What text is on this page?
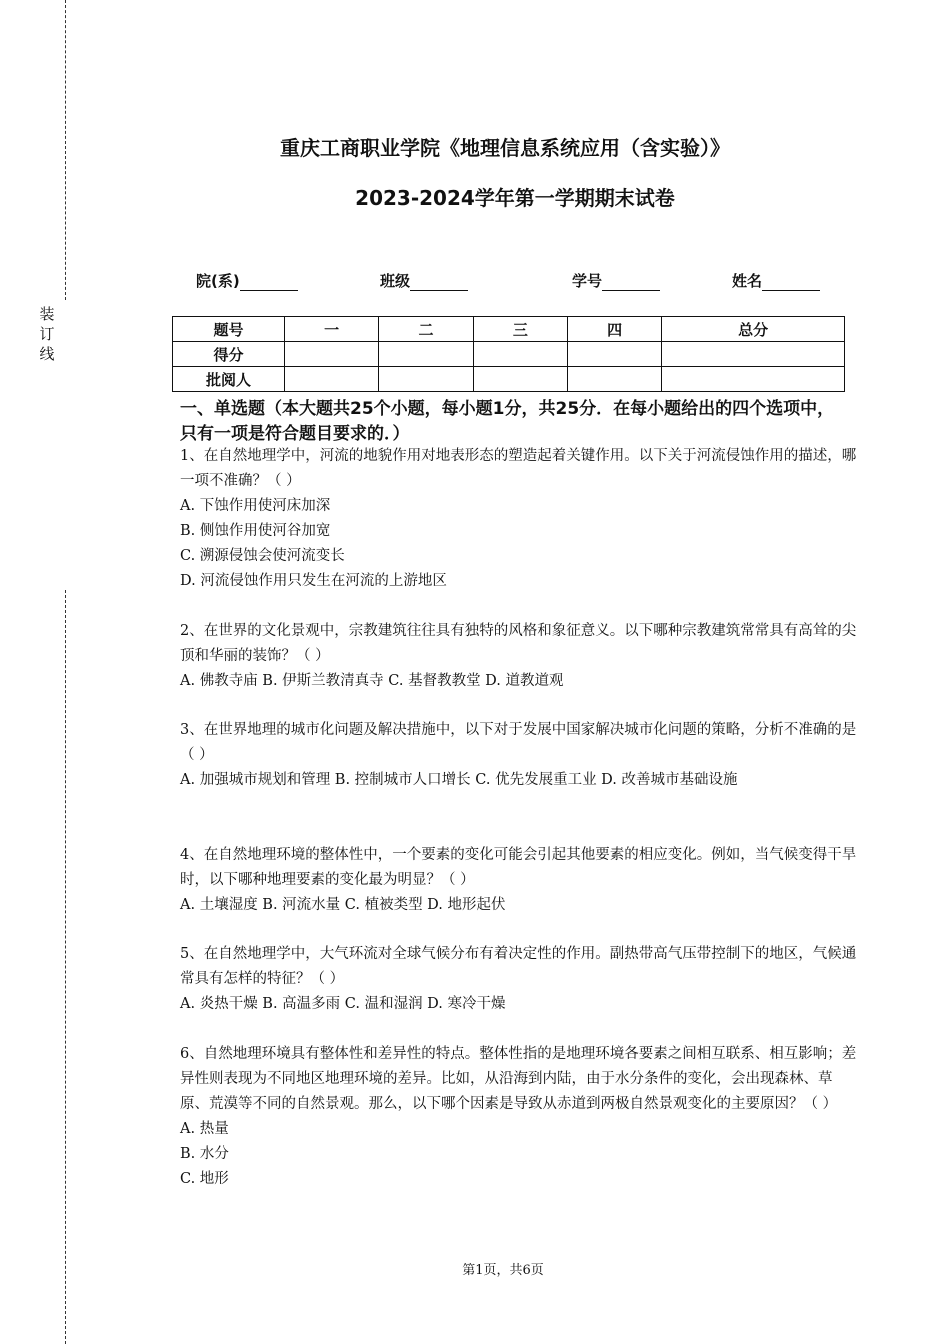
装
订
线
重庆工商职业学院《地理信息系统应用（含实验）》
2023-2024学年第一学期期末试卷
院(系)	班级	学号	姓名
题号	一	二	三	四	总分
得分					
批阅人					
一、单选题（本大题共25个小题，每小题1分，共25分．在每小题给出的四个选项中，只有一项是符合题目要求的．）

1、在自然地理学中，河流的地貌作用对地表形态的塑造起着关键作用。以下关于河流侵蚀作用的描述，哪一项不准确？（ ）

A. 下蚀作用使河床加深

B. 侧蚀作用使河谷加宽

C. 溯源侵蚀会使河流变长

D. 河流侵蚀作用只发生在河流的上游地区

2、在世界的文化景观中，宗教建筑往往具有独特的风格和象征意义。以下哪种宗教建筑常常具有高耸的尖顶和华丽的装饰？（ ）

A. 佛教寺庙 B. 伊斯兰教清真寺 C. 基督教教堂 D. 道教道观

3、在世界地理的城市化问题及解决措施中，以下对于发展中国家解决城市化问题的策略，分析不准确的是（ ）

A. 加强城市规划和管理 B. 控制城市人口增长 C. 优先发展重工业 D. 改善城市基础设施

4、在自然地理环境的整体性中，一个要素的变化可能会引起其他要素的相应变化。例如，当气候变得干旱时，以下哪种地理要素的变化最为明显？（ ）

A. 土壤湿度 B. 河流水量 C. 植被类型 D. 地形起伏

5、在自然地理学中，大气环流对全球气候分布有着决定性的作用。副热带高气压带控制下的地区，气候通常具有怎样的特征？（ ）

A. 炎热干燥 B. 高温多雨 C. 温和湿润 D. 寒冷干燥

6、自然地理环境具有整体性和差异性的特点。整体性指的是地理环境各要素之间相互联系、相互影响；差异性则表现为不同地区地理环境的差异。比如，从沿海到内陆，由于水分条件的变化，会出现森林、草原、荒漠等不同的自然景观。那么，以下哪个因素是导致从赤道到两极自然景观变化的主要原因？（ ）

A. 热量

B. 水分

C. 地形

第1页，共6页
